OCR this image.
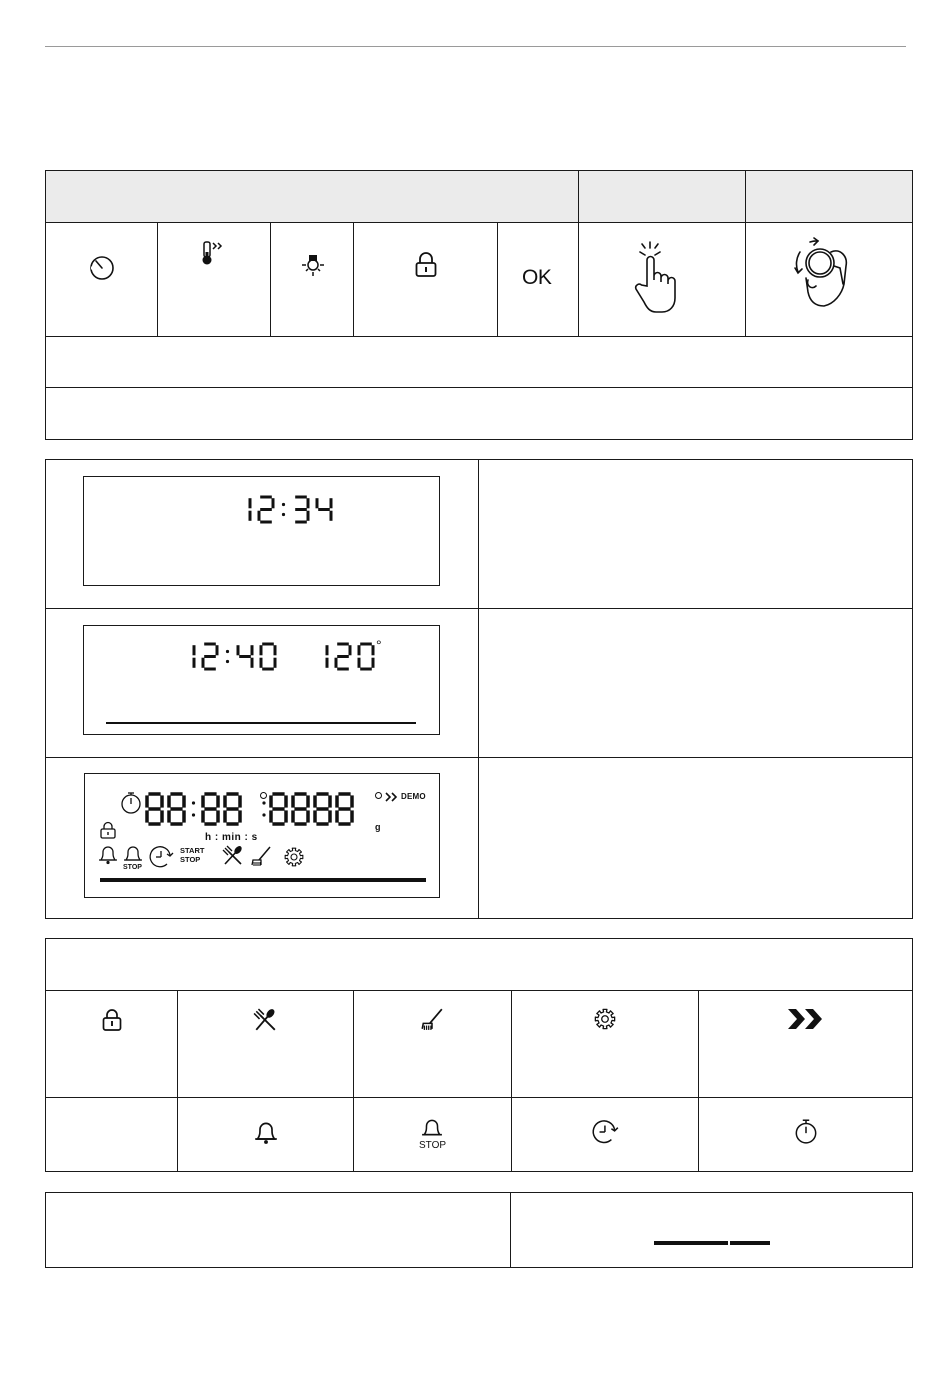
OK
°
DEMO
g
h : min : s
STOP
START
STOP
STOP
